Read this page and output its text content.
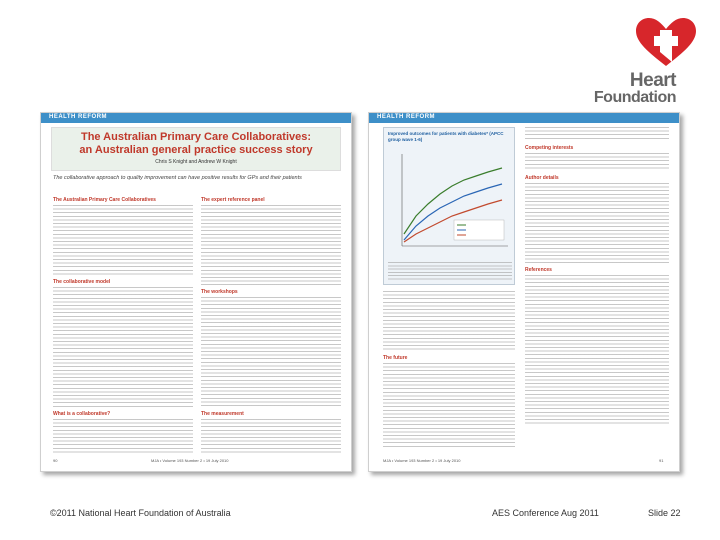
Heart
Foundation
HEALTH REFORM
The Australian Primary Care Collaboratives:
an Australian general practice success story
Chris S Knight and Andrew W Knight
The collaborative approach to quality improvement can have positive results for GPs and their patients
The Australian Primary Care Collaboratives
The collaborative model
What is a collaborative?
The expert reference panel
The workshops
The measurement
90	MJA • Volume 193 Number 2 • 19 July 2010
HEALTH REFORM
Improved outcomes for patients with diabetes* (APCC group wave 1-6)
The future
Competing interests
Author details
References
MJA • Volume 193 Number 2 • 19 July 2010	91
©2011 National Heart Foundation of Australia	AES Conference Aug 2011	Slide 22
